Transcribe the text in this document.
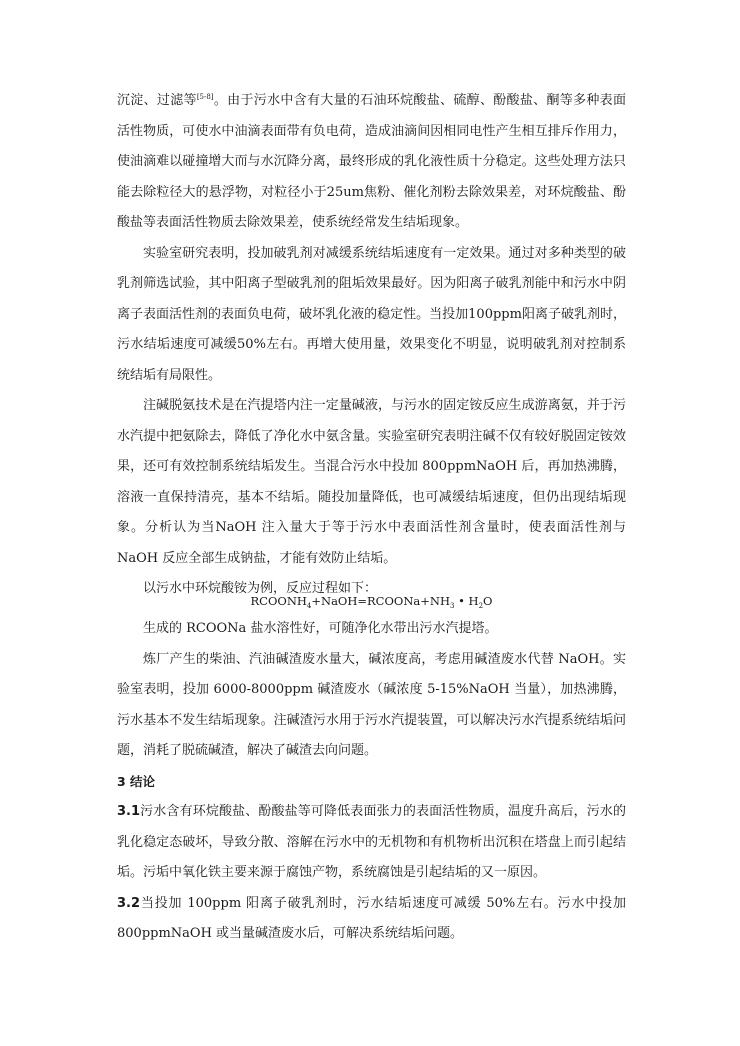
沉淀、过滤等[5-8]。由于污水中含有大量的石油环烷酸盐、硫醇、酚酸盐、酮等多种表面活性物质，可使水中油滴表面带有负电荷，造成油滴间因相同电性产生相互排斥作用力，使油滴难以碰撞增大而与水沉降分离，最终形成的乳化液性质十分稳定。这些处理方法只能去除粒径大的悬浮物，对粒径小于25um焦粉、催化剂粉去除效果差，对环烷酸盐、酚酸盐等表面活性物质去除效果差，使系统经常发生结垢现象。

实验室研究表明，投加破乳剂对减缓系统结垢速度有一定效果。通过对多种类型的破乳剂筛选试验，其中阳离子型破乳剂的阻垢效果最好。因为阳离子破乳剂能中和污水中阴离子表面活性剂的表面负电荷，破坏乳化液的稳定性。当投加100ppm阳离子破乳剂时，污水结垢速度可减缓50%左右。再增大使用量，效果变化不明显，说明破乳剂对控制系统结垢有局限性。

注碱脱氨技术是在汽提塔内注一定量碱液，与污水的固定铵反应生成游离氨，并于污水汽提中把氨除去，降低了净化水中氨含量。实验室研究表明注碱不仅有较好脱固定铵效果，还可有效控制系统结垢发生。当混合污水中投加 800ppmNaOH 后，再加热沸腾，溶液一直保持清亮，基本不结垢。随投加量降低，也可减缓结垢速度，但仍出现结垢现象。分析认为当NaOH 注入量大于等于污水中表面活性剂含量时，使表面活性剂与 NaOH 反应全部生成钠盐，才能有效防止结垢。

以污水中环烷酸铵为例，反应过程如下：

$RCOONH_4+NaOH=RCOONa+NH_3$ • $H_2O$

生成的 RCOONa 盐水溶性好，可随净化水带出污水汽提塔。

炼厂产生的柴油、汽油碱渣废水量大，碱浓度高，考虑用碱渣废水代替 NaOH。实验室表明，投加 6000-8000ppm 碱渣废水（碱浓度 5-15%NaOH 当量），加热沸腾，污水基本不发生结垢现象。注碱渣污水用于污水汽提装置，可以解决污水汽提系统结垢问题，消耗了脱硫碱渣，解决了碱渣去向问题。

3 结论

3.1污水含有环烷酸盐、酚酸盐等可降低表面张力的表面活性物质，温度升高后，污水的乳化稳定态破坏，导致分散、溶解在污水中的无机物和有机物析出沉积在塔盘上而引起结垢。污垢中氧化铁主要来源于腐蚀产物，系统腐蚀是引起结垢的又一原因。

3.2当投加 100ppm 阳离子破乳剂时，污水结垢速度可减缓 50%左右。污水中投加 800ppmNaOH 或当量碱渣废水后，可解决系统结垢问题。
